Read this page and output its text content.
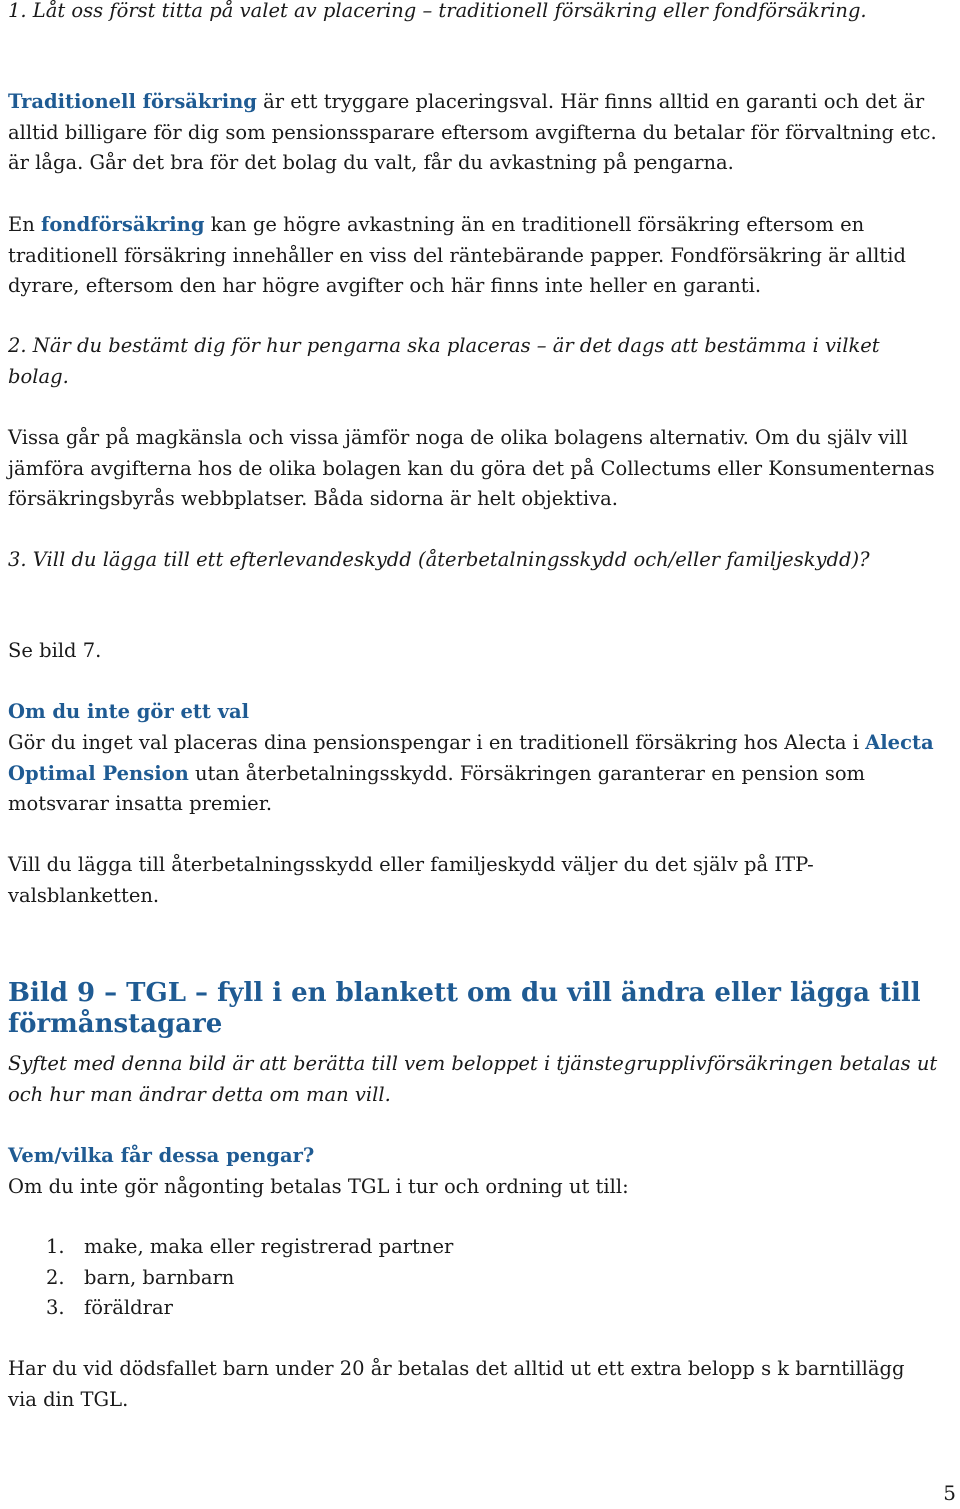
1. Låt oss först titta på valet av placering – traditionell försäkring eller fondförsäkring.

Traditionell försäkring är ett tryggare placeringsval. Här finns alltid en garanti och det är alltid billigare för dig som pensionssparare eftersom avgifterna du betalar för förvaltning etc. är låga. Går det bra för det bolag du valt, får du avkastning på pengarna.

En fondförsäkring kan ge högre avkastning än en traditionell försäkring eftersom en traditionell försäkring innehåller en viss del räntebärande papper. Fondförsäkring är alltid dyrare, eftersom den har högre avgifter och här finns inte heller en garanti.

2. När du bestämt dig för hur pengarna ska placeras – är det dags att bestämma i vilket bolag.

Vissa går på magkänsla och vissa jämför noga de olika bolagens alternativ. Om du själv vill jämföra avgifterna hos de olika bolagen kan du göra det på Collectums eller Konsumenternas försäkringsbyrås webbplatser. Båda sidorna är helt objektiva.

3. Vill du lägga till ett efterlevandeskydd (återbetalningsskydd och/eller familjeskydd)?

Se bild 7.

Om du inte gör ett val

Gör du inget val placeras dina pensionspengar i en traditionell försäkring hos Alecta i Alecta Optimal Pension utan återbetalningsskydd. Försäkringen garanterar en pension som motsvarar insatta premier.

Vill du lägga till återbetalningsskydd eller familjeskydd väljer du det själv på ITP-valsblanketten.

Bild 9 – TGL – fyll i en blankett om du vill ändra eller lägga till förmånstagare

Syftet med denna bild är att berätta till vem beloppet i tjänstegrupplivförsäkringen betalas ut och hur man ändrar detta om man vill.

Vem/vilka får dessa pengar?

Om du inte gör någonting betalas TGL i tur och ordning ut till:

1. make, maka eller registrerad partner
2. barn, barnbarn
3. föräldrar

Har du vid dödsfallet barn under 20 år betalas det alltid ut ett extra belopp s k barntillägg via din TGL.

5
